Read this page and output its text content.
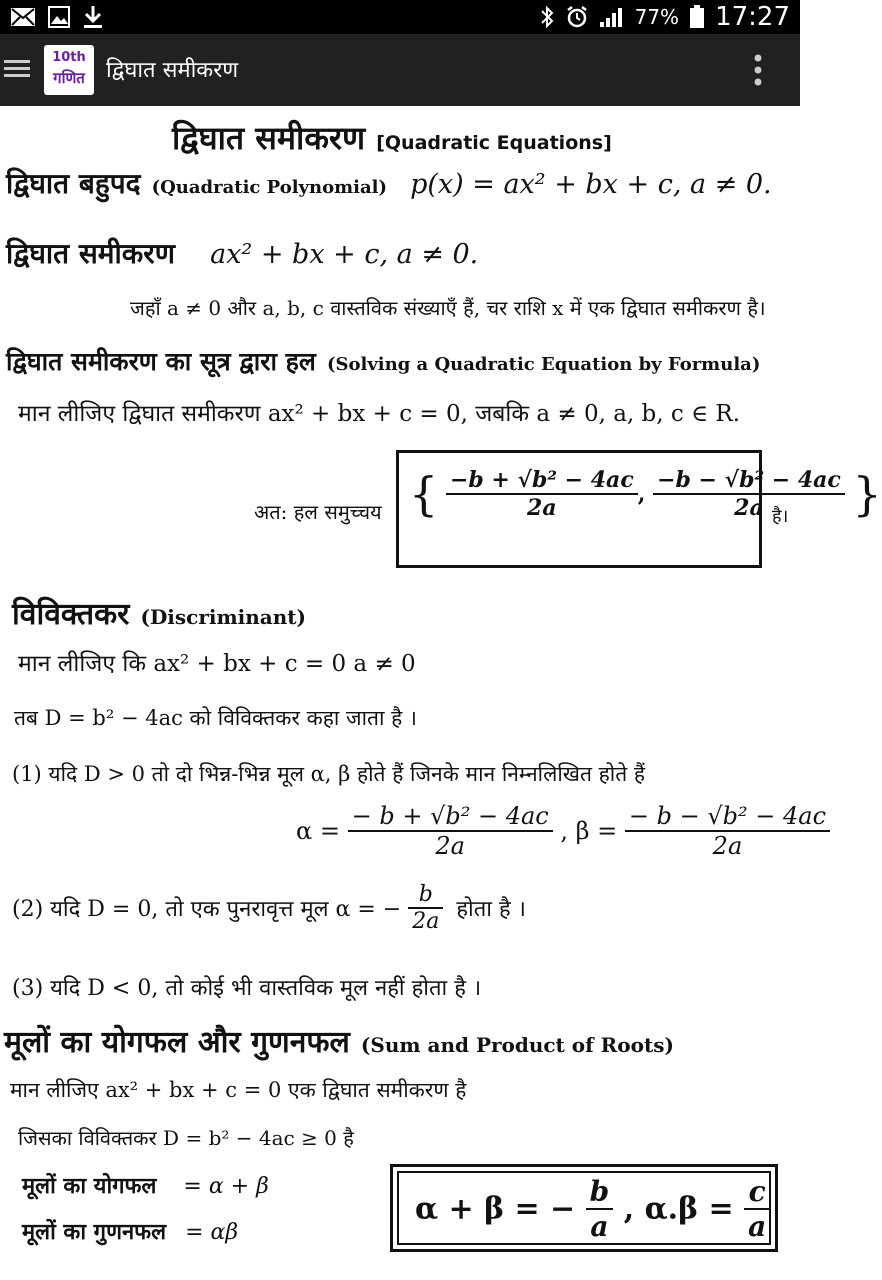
77% 17:27
10th
गणित द्विघात समीकरण
द्विघात समीकरण [Quadratic Equations]
द्विघात बहुपद (Quadratic Polynomial) p(x) = ax² + bx + c, a ≠ 0.
द्विघात समीकरण ax² + bx + c, a ≠ 0.
जहाँ a ≠ 0 और a, b, c वास्तविक संख्याएँ हैं, चर राशि x में एक द्विघात समीकरण है।
द्विघात समीकरण का सूत्र द्वारा हल (Solving a Quadratic Equation by Formula)
मान लीजिए द्विघात समीकरण ax² + bx + c = 0, जबकि a ≠ 0, a, b, c ∈ R.
अत: हल समुच्चय { $\frac{\text{−b + √b² − 4ac}}{2a}$ , $\frac{\text{−b − √b² − 4ac}}{2a}$ }
है।
विविक्तकर (Discriminant)
मान लीजिए कि ax² + bx + c = 0 a ≠ 0
तब D = b² − 4ac को विविक्तकर कहा जाता है ।
(1) यदि D > 0 तो दो भिन्न-भिन्न मूल α, β होते हैं जिनके मान निम्नलिखित होते हैं
$\alpha = \frac{\text{− b + √b² − 4ac}}{2a}$ , $\beta = \frac{\text{− b − √b² − 4ac}}{2a}$
(2) यदि D = 0, तो एक पुनरावृत्त मूल α = − $\frac{b}{2a}$ होता है ।
(3) यदि D < 0, तो कोई भी वास्तविक मूल नहीं होता है ।
मूलों का योगफल और गुणनफल (Sum and Product of Roots)
मान लीजिए ax² + bx + c = 0 एक द्विघात समीकरण है
जिसका विविक्तकर D = b² − 4ac ≥ 0 है
मूलों का योगफल = α + β
मूलों का गुणनफल = αβ
α + β = − $\frac{b}{a}$ , $\alpha.\beta = \frac{c}{a}$
